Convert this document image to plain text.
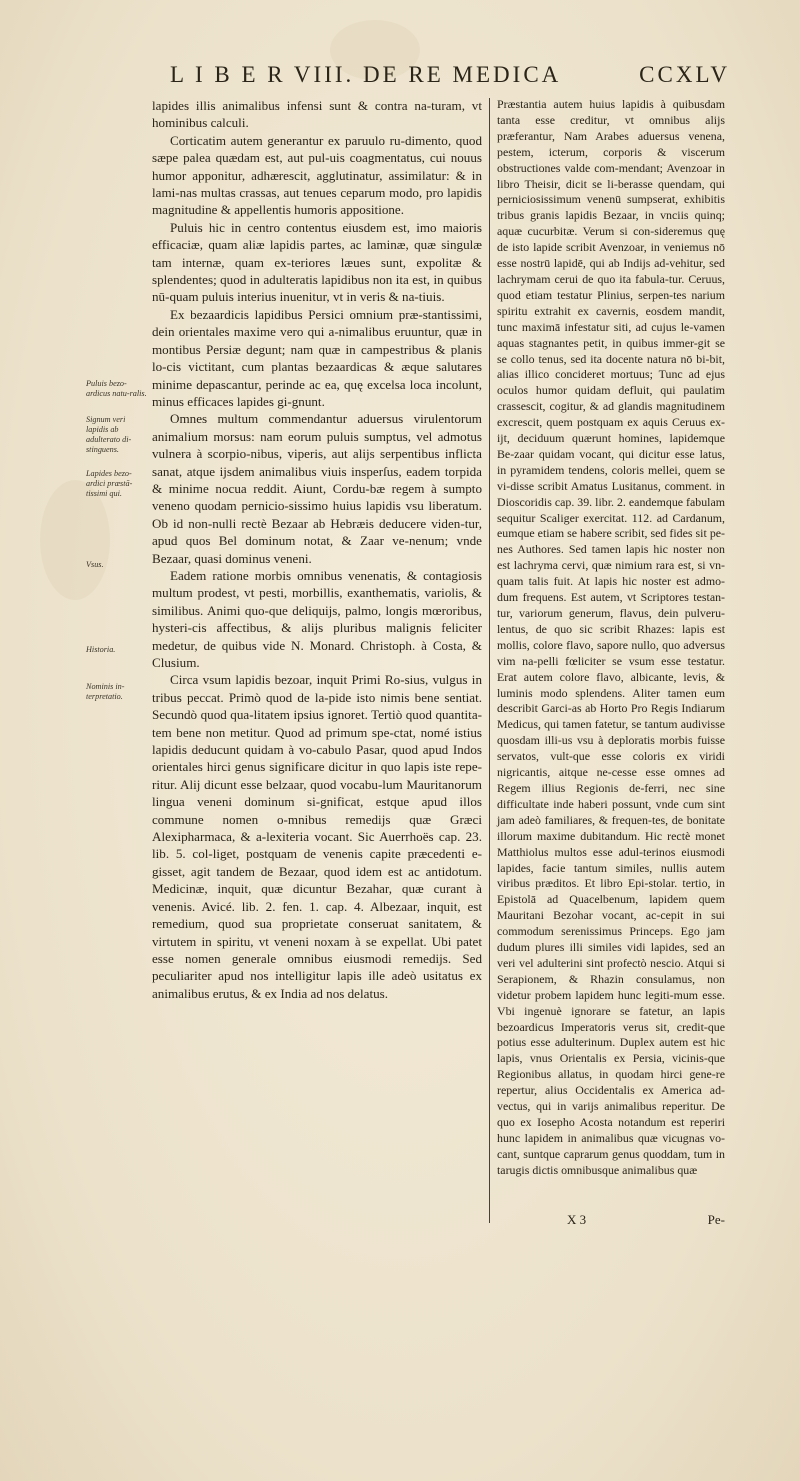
L I B E R VIII. DE RE MEDICA	CCXLV
Puluis bezo-ardicus natu-ralis.
Signum veri lapidis ab adulterato di-stinguens.
Lapides bezo-ardici præstā-tissimi qui.
Vsus.
Historia.
Nominis in-terpretatio.

lapides illis animalibus infensi sunt & contra na-turam, vt hominibus calculi.

Corticatim autem generantur ex paruulo ru-dimento, quod sæpe palea quædam est, aut pul-uis coagmentatus, cui nouus humor apponitur, adhærescit, agglutinatur, assimilatur: & in lami-nas multas crassas, aut tenues ceparum modo, pro lapidis magnitudine & appellentis humoris appositione.

Puluis hic in centro contentus eiusdem est, imo maioris efficaciæ, quam aliæ lapidis partes, ac laminæ, quæ singulæ tam internæ, quam ex-teriores læues sunt, expolitæ & splendentes; quod in adulteratis lapidibus non ita est, in quibus nū-quam puluis interius inuenitur, vt in veris & na-tiuis.

Ex bezaardicis lapidibus Persici omnium præ-stantissimi, dein orientales maxime vero qui a-nimalibus eruuntur, quæ in montibus Persiæ degunt; nam quæ in campestribus & planis lo-cis victitant, cum plantas bezaardicas & æque salutares minime depascantur, perinde ac ea, quę excelsa loca incolunt, minus efficaces lapides gi-gnunt.

Omnes multum commendantur aduersus virulentorum animalium morsus: nam eorum puluis sumptus, vel admotus vulnera à scorpio-nibus, viperis, aut alijs serpentibus inflicta sanat, atque ijsdem animalibus viuis insperſus, eadem torpida & minime nocua reddit. Aiunt, Cordu-bæ regem à sumpto veneno quodam pernicio-sissimo huius lapidis vsu liberatum. Ob id non-nulli rectè Bezaar ab Hebræis deducere viden-tur, apud quos Bel dominum notat, & Zaar ve-nenum; vnde Bezaar, quasi dominus veneni.

Eadem ratione morbis omnibus venenatis, & contagiosis multum prodest, vt pesti, morbillis, exanthematis, variolis, & similibus. Animi quo-que deliquijs, palmo, longis mœroribus, hysteri-cis affectibus, & alijs pluribus malignis feliciter medetur, de quibus vide N. Monard. Christoph. à Costa, & Clusium.

Circa vsum lapidis bezoar, inquit Primi Ro-sius, vulgus in tribus peccat. Primò quod de la-pide isto nimis bene sentiat. Secundò quod qua-litatem ipsius ignoret. Tertiò quod quantita-tem bene non metitur. Quod ad primum spe-ctat, nomé istius lapidis deducunt quidam à vo-cabulo Pasar, quod apud Indos orientales hirci genus significare dicitur in quo lapis iste repe-ritur. Alij dicunt esse belzaar, quod vocabu-lum Mauritanorum lingua veneni dominum si-gnificat, estque apud illos commune nomen o-mnibus remedijs quæ Græci Alexipharmaca, & a-lexiteria vocant. Sic Auerrhoës cap. 23. lib. 5. col-liget, postquam de venenis capite præcedenti e-gisset, agit tandem de Bezaar, quod idem est ac antidotum. Medicinæ, inquit, quæ dicuntur Bezahar, quæ curant à venenis. Avicé. lib. 2. fen. 1. cap. 4. Albezaar, inquit, est remedium, quod sua proprietate conseruat sanitatem, & virtutem in spiritu, vt veneni noxam à se expellat. Ubi patet esse nomen generale omnibus eiusmodi remedijs. Sed peculiariter apud nos intelligitur lapis ille adeò usitatus ex animalibus erutus, & ex India ad nos delatus.

Præstantia autem huius lapidis à quibusdam tanta esse creditur, vt omnibus alijs præferantur, Nam Arabes aduersus venena, pestem, icterum, corporis & viscerum obstructiones valde com-mendant; Avenzoar in libro Theisir, dicit se li-berasse quendam, qui perniciosissimum venenū sumpserat, exhibitis tribus granis lapidis Bezaar, in vnciis quinq; aquæ cucurbitæ. Verum si con-sideremus quę de isto lapide scribit Avenzoar, in veniemus nō esse nostrū lapidē, qui ab Indijs ad-vehitur, sed lachrymam cerui de quo ita fabula-tur. Ceruus, quod etiam testatur Plinius, serpen-tes narium spiritu extrahit ex cavernis, eosdem mandit, tunc maximā infestatur siti, ad cujus le-vamen aquas stagnantes petit, in quibus immer-git se se collo tenus, sed ita docente natura nō bi-bit, alias illico concideret mortuus; Tunc ad ejus oculos humor quidam defluit, qui paulatim crassescit, cogitur, & ad glandis magnitudinem excrescit, quem postquam ex aquis Ceruus ex-ijt, deciduum quærunt homines, lapidemque Be-zaar quidam vocant, qui dicitur esse latus, in pyramidem tendens, coloris mellei, quem se vi-disse scribit Amatus Lusitanus, comment. in Dioscoridis cap. 39. libr. 2. eandemque fabulam sequitur Scaliger exercitat. 112. ad Cardanum, eumque etiam se habere scribit, sed fides sit pe-nes Authores. Sed tamen lapis hic noster non est lachryma cervi, quæ nimium rara est, si vn-quam talis fuit. At lapis hic noster est admo-dum frequens. Est autem, vt Scriptores testan-tur, variorum generum, flavus, dein pulveru-lentus, de quo sic scribit Rhazes: lapis est mollis, colore flavo, sapore nullo, quo adversus vim na-pelli fœliciter se vsum esse testatur. Erat autem colore flavo, albicante, levis, & luminis modo splendens. Aliter tamen eum describit Garci-as ab Horto Pro Regis Indiarum Medicus, qui tamen fatetur, se tantum audivisse quosdam illi-us vsu à deploratis morbis fuisse servatos, vult-que esse coloris ex viridi nigricantis, aitque ne-cesse esse omnes ad Regem illius Regionis de-ferri, nec sine difficultate inde haberi possunt, vnde cum sint jam adeò familiares, & frequen-tes, de bonitate illorum maxime dubitandum. Hic rectè monet Matthiolus multos esse adul-terinos eiusmodi lapides, facie tantum similes, nullis autem viribus præditos. Et libro Epi-stolar. tertio, in Epistolā ad Quacelbenum, lapidem quem Mauritani Bezohar vocant, ac-cepit in sui commodum serenissimus Princeps. Ego jam dudum plures illi similes vidi lapides, sed an veri vel adulterini sint profectò nescio. Atqui si Serapionem, & Rhazin consulamus, non videtur probem lapidem hunc legiti-mum esse. Vbi ingenuè ignorare se fatetur, an lapis bezoardicus Imperatoris verus sit, credit-que potius esse adulterinum. Duplex autem est hic lapis, vnus Orientalis ex Persia, vicinis-que Regionibus allatus, in quodam hirci gene-re repertur, alius Occidentalis ex America ad-vectus, qui in varijs animalibus reperitur. De quo ex Iosepho Acosta notandum est reperiri hunc lapidem in animalibus quæ vicugnas vo-cant, suntque caprarum genus quoddam, tum in tarugis dictis omnibusque animalibus quæ

X 3	Pe-
